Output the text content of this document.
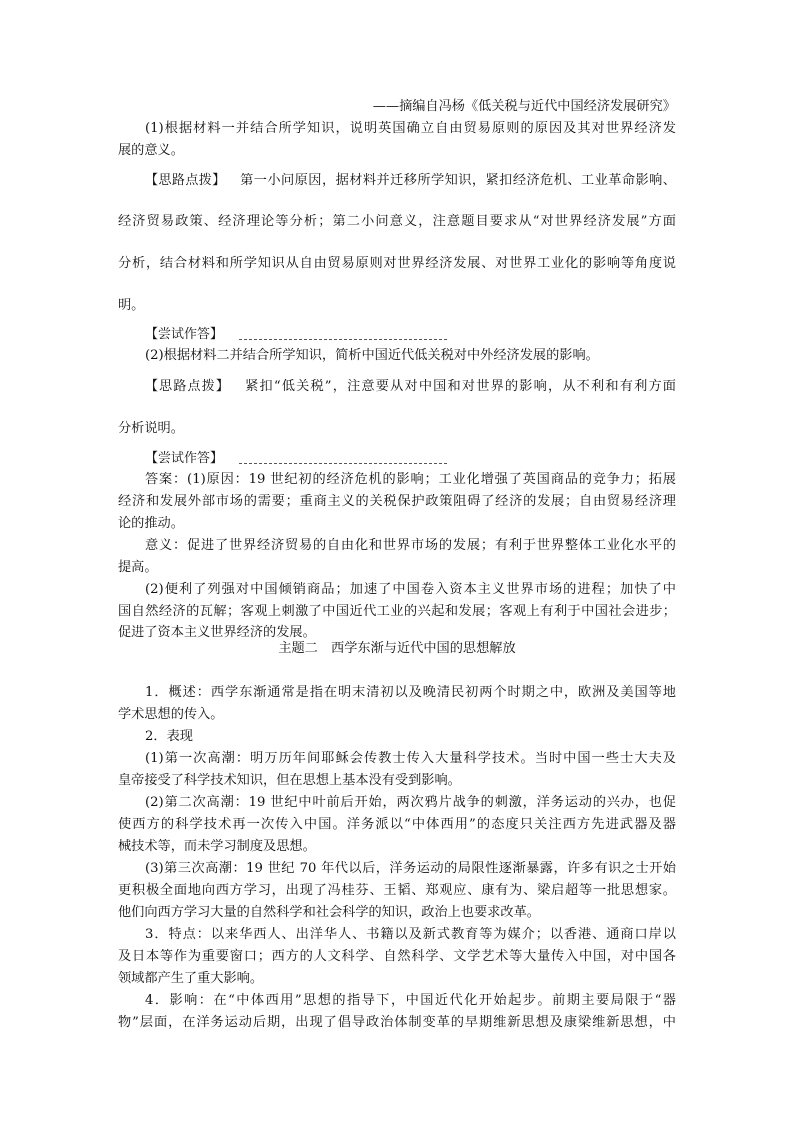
——摘编自冯杨《低关税与近代中国经济发展研究》
(1)根据材料一并结合所学知识，说明英国确立自由贸易原则的原因及其对世界经济发
展的意义。
【思路点拨】 第一小问原因，据材料并迁移所学知识，紧扣经济危机、工业革命影响、
经济贸易政策、经济理论等分析；第二小问意义，注意题目要求从“对世界经济发展”方面
分析，结合材料和所学知识从自由贸易原则对世界经济发展、对世界工业化的影响等角度说
明。
【尝试作答】
(2)根据材料二并结合所学知识，简析中国近代低关税对中外经济发展的影响。
【思路点拨】 紧扣“低关税”，注意要从对中国和对世界的影响，从不利和有利方面
分析说明。
【尝试作答】
答案：(1)原因：19 世纪初的经济危机的影响；工业化增强了英国商品的竞争力；拓展
经济和发展外部市场的需要；重商主义的关税保护政策阻碍了经济的发展；自由贸易经济理
论的推动。
意义：促进了世界经济贸易的自由化和世界市场的发展；有利于世界整体工业化水平的
提高。
(2)便利了列强对中国倾销商品；加速了中国卷入资本主义世界市场的进程；加快了中
国自然经济的瓦解；客观上刺激了中国近代工业的兴起和发展；客观上有利于中国社会进步；
促进了资本主义世界经济的发展。
主题二　西学东渐与近代中国的思想解放
1．概述：西学东渐通常是指在明末清初以及晚清民初两个时期之中，欧洲及美国等地
学术思想的传入。
2．表现
(1)第一次高潮：明万历年间耶稣会传教士传入大量科学技术。当时中国一些士大夫及
皇帝接受了科学技术知识，但在思想上基本没有受到影响。
(2)第二次高潮：19 世纪中叶前后开始，两次鸦片战争的刺激，洋务运动的兴办，也促
使西方的科学技术再一次传入中国。洋务派以“中体西用”的态度只关注西方先进武器及器
械技术等，而未学习制度及思想。
(3)第三次高潮：19 世纪 70 年代以后，洋务运动的局限性逐渐暴露，许多有识之士开始
更积极全面地向西方学习，出现了冯桂芬、王韬、郑观应、康有为、梁启超等一批思想家。
他们向西方学习大量的自然科学和社会科学的知识，政治上也要求改革。
3．特点：以来华西人、出洋华人、书籍以及新式教育等为媒介；以香港、通商口岸以
及日本等作为重要窗口；西方的人文科学、自然科学、文学艺术等大量传入中国，对中国各
领域都产生了重大影响。
4．影响：在“中体西用”思想的指导下，中国近代化开始起步。前期主要局限于“器
物”层面，在洋务运动后期，出现了倡导政治体制变革的早期维新思想及康梁维新思想，中
